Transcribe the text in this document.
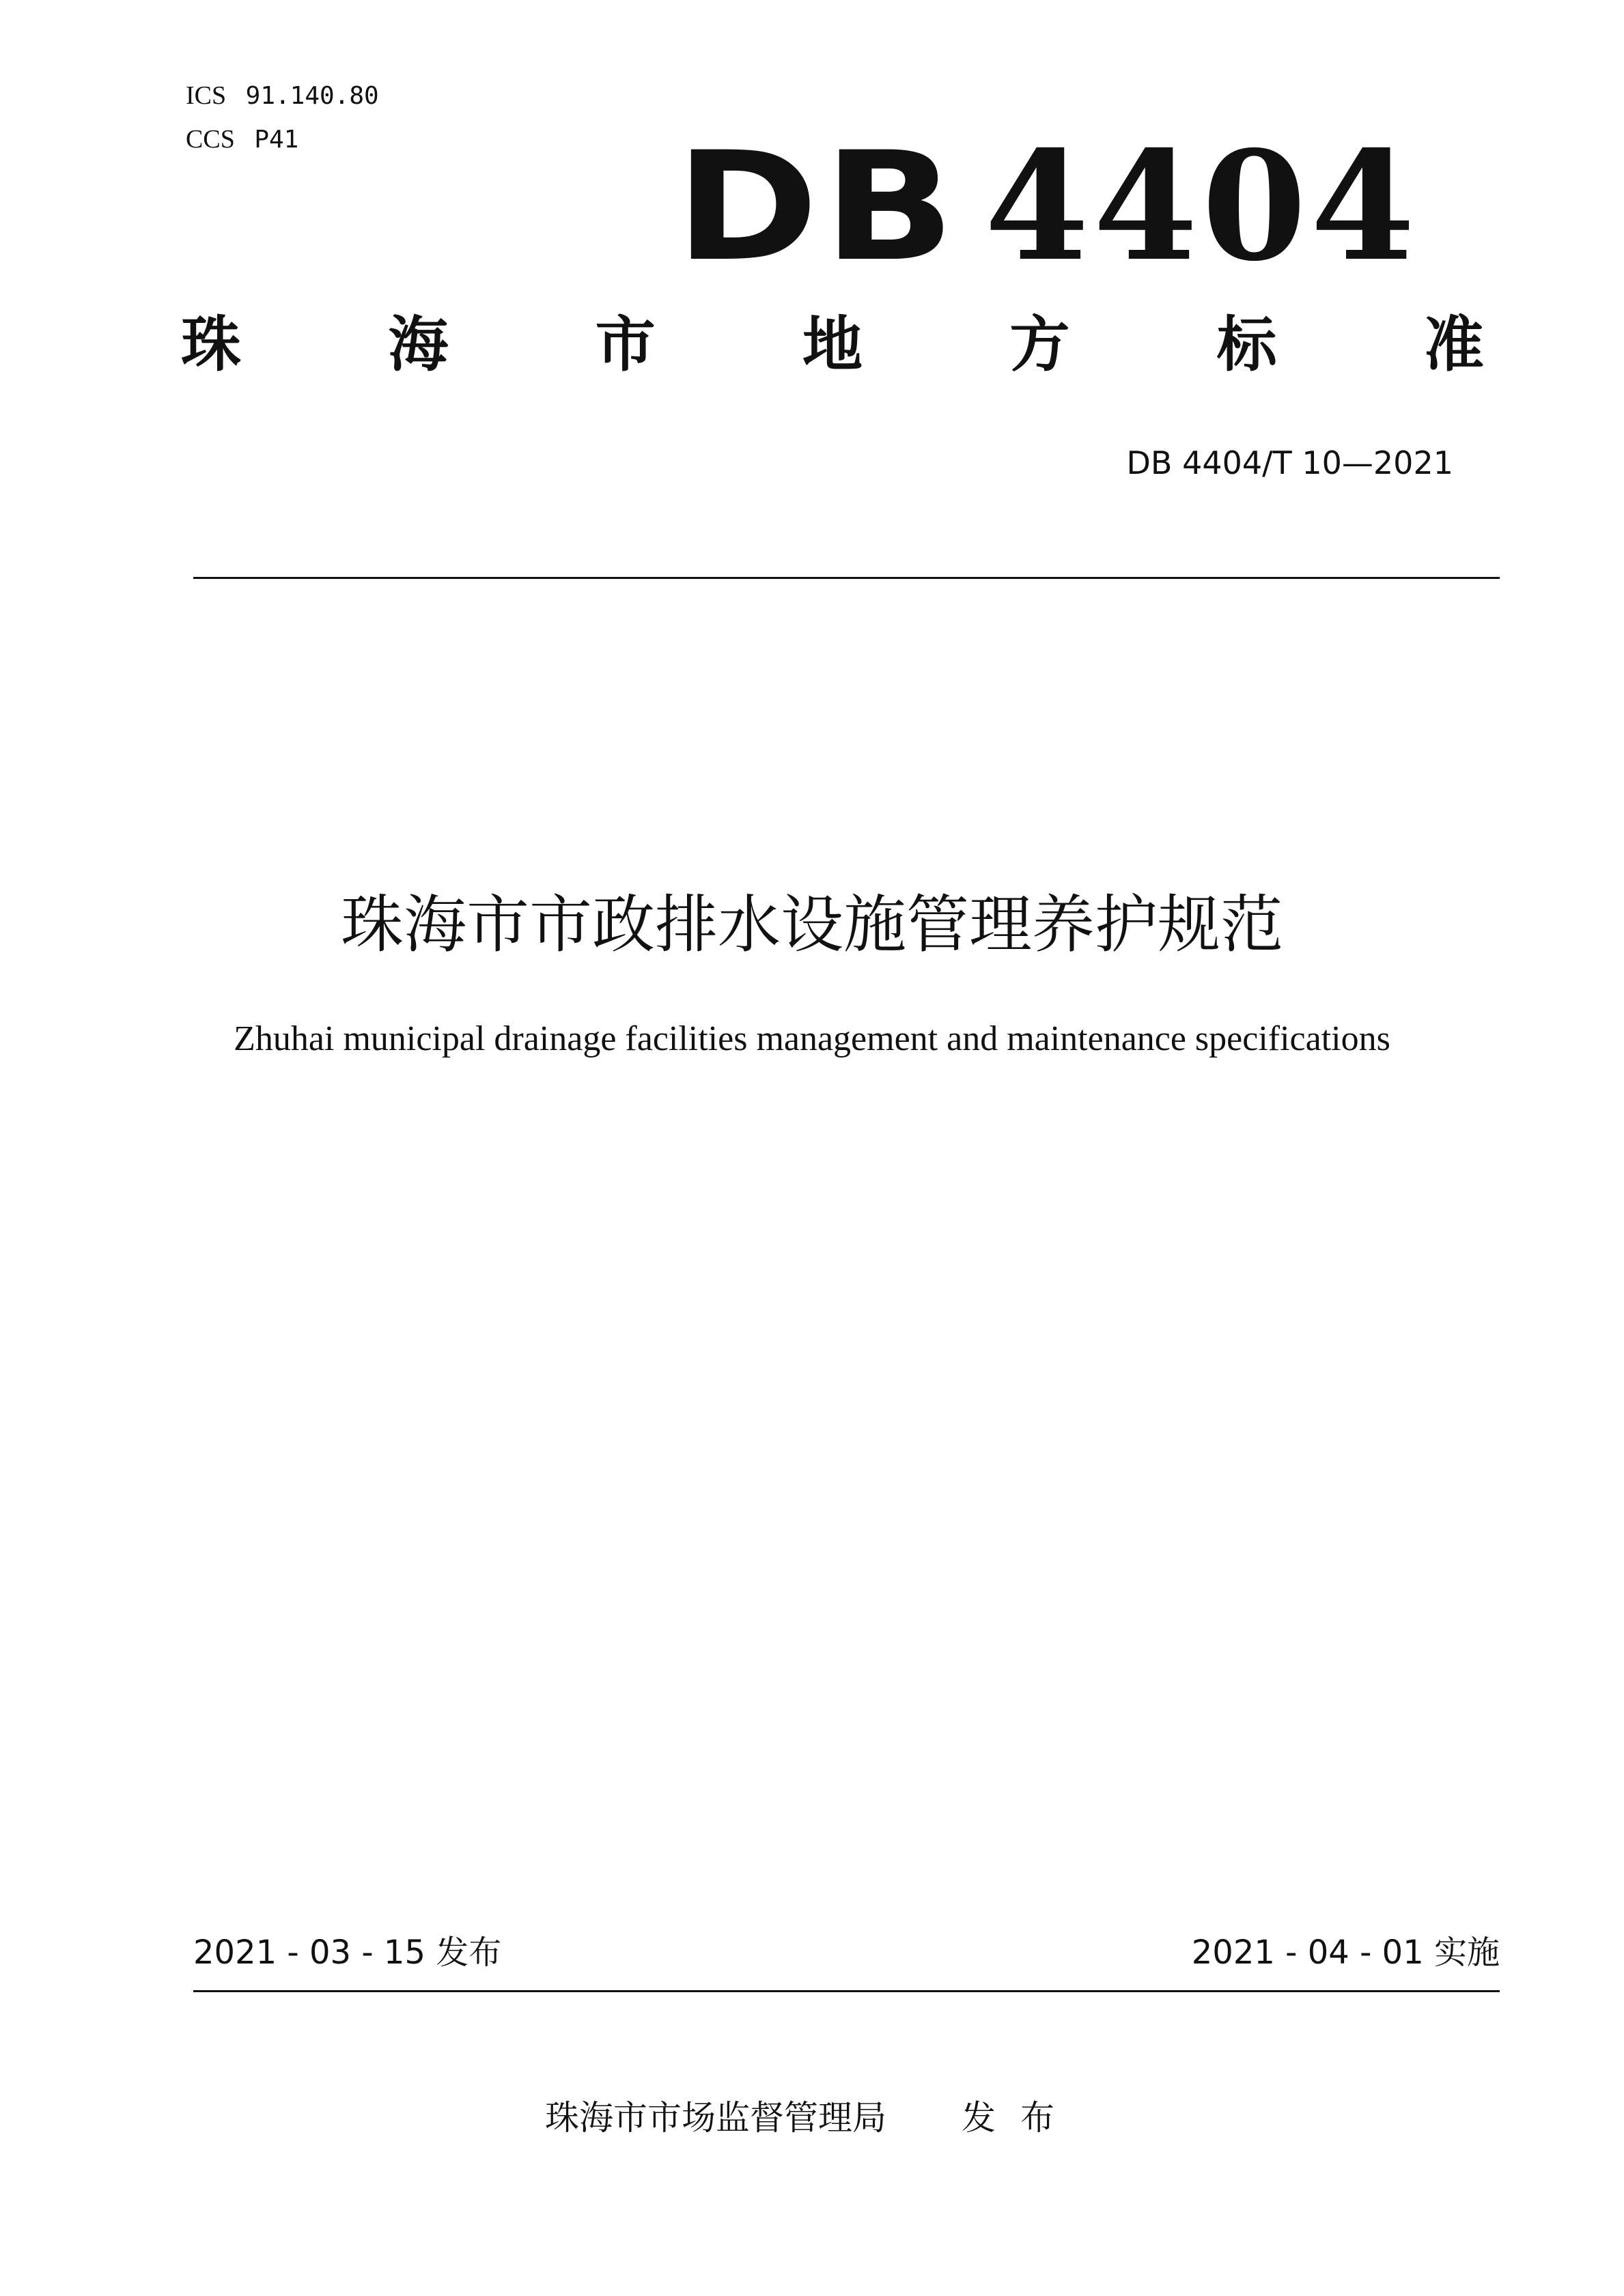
ICS 91.140.80
CCS P41	DB 4404
珠 海 市 地 方 标 准
DB 4404/T 10—2021
珠海市市政排水设施管理养护规范
Zhuhai municipal drainage facilities management and maintenance specifications
2021 - 03 - 15 发布	2021 - 04 - 01 实施
珠海市市场监督管理局 发布
